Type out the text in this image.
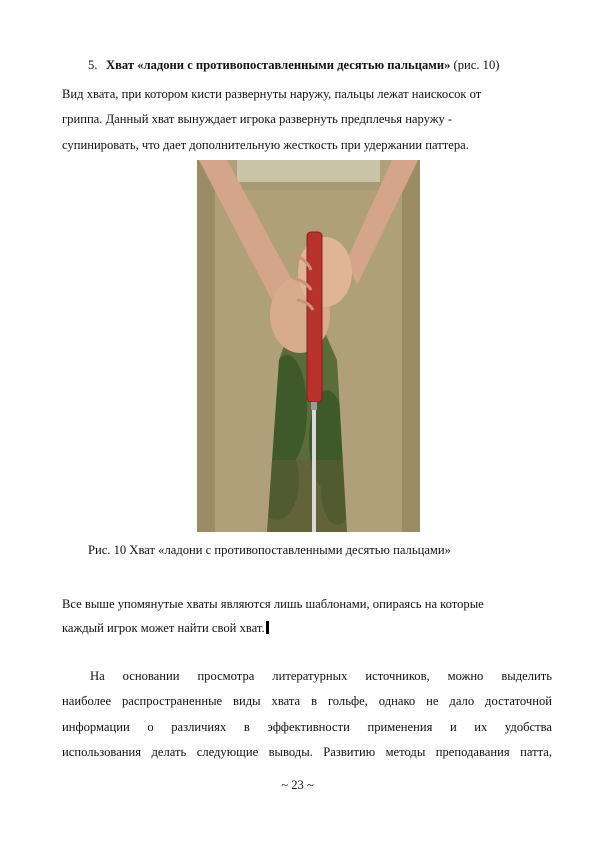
5. Хват «ладони с противопоставленными десятью пальцами» (рис. 10)
Вид хвата, при котором кисти развернуты наружу, пальцы лежат наискосок от
гриппа. Данный хват вынуждает игрока развернуть предплечья наружу -
супинировать, что дает дополнительную жесткость при удержании паттера.
Рис. 10 Хват «ладони с противопоставленными десятью пальцами»
Все выше упомянутые хваты являются лишь шаблонами, опираясь на которые
каждый игрок может найти свой хват.
На основании просмотра литературных источников, можно выделить
наиболее распространенные виды хвата в гольфе, однако не дало достаточной
информации о различиях в эффективности применения и их удобства
использования делать следующие выводы. Развитию методы преподавания патта,
~ 23 ~
